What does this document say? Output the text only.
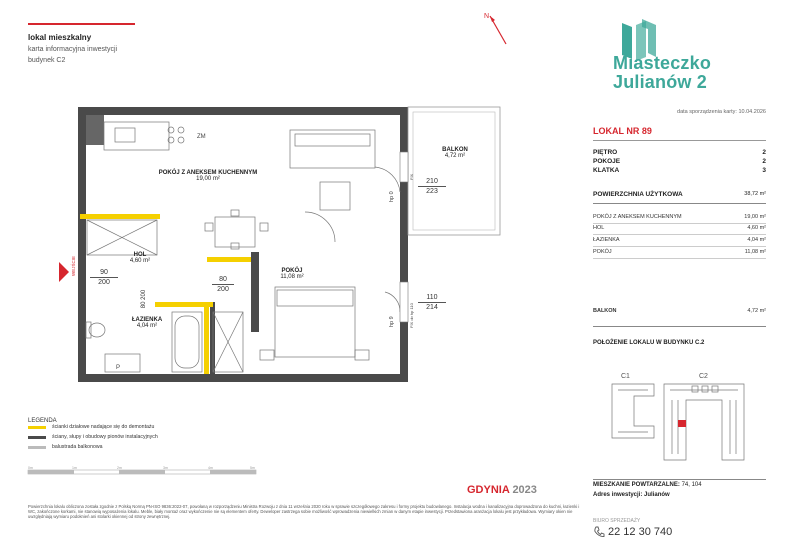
lokal mieszkalny
karta informacyjna inwestycji
budynek C2
N
Miasteczko
Julianów 2
data sporządzenia karty: 10.04.2026
LOKAL NR 89
PIĘTRO	2
POKOJE	2
KLATKA	3
POWIERZCHNIA UŻYTKOWA	38,72 m²
POKÓJ Z ANEKSEM KUCHENNYM	19,00 m²
HOL	4,60 m²
ŁAZIENKA	4,04 m²
POKÓJ	11,08 m²
BALKON	4,72 m²
POŁOŻENIE LOKALU W BUDYNKU C.2
C1	C2
MIESZKANIE POWTARZALNE: 74, 104
Adres inwestycji: Julianów
BIURO SPRZEDAŻY
22 12 30 740
ZM
P
WEJŚCIE
hp 0
hp 9
FIX
FIX do hp 110
POKÓJ Z ANEKSEM KUCHENNYM
19,00 m²
BALKON
4,72 m²
HOL
4,60 m²
POKÓJ
11,08 m²
ŁAZIENKA
4,04 m²
90
200	80
200
210
223
110
214
80 200
LEGENDA
ścianki działowe nadające się do demontażu
ściany, słupy i obudowy pionów instalacyjnych
balustrada balkonowa
0m	1m	2m	3m	4m	5m
GDYNIA 2023
Powierzchnia lokalu obliczona została zgodnie z Polską Normą PN-ISO 9836:2022-07, powołaną w rozporządzeniu Ministra Rozwoju z dnia 11 września 2020 roku w sprawie szczegółowego zakresu i formy projektu budowlanego. Instalacja wodna i kanalizacyjna doprowadzona do kuchni, łazienki i WC, zakończone korkami, nie stanowią wyposażenia lokalu. Meble, biały montaż oraz wykończenie nie są elementem oferty. Deweloper zastrzega sobie możliwość wprowadzenia niewielkich zmian w danym etapie inwestycji. Przedstawiona aranżacja lokalu jest przykładowa. Wymiary okien nie uwzględniają wymiaru podoknień ani stolarki okiennej od strony zewnętrznej.
